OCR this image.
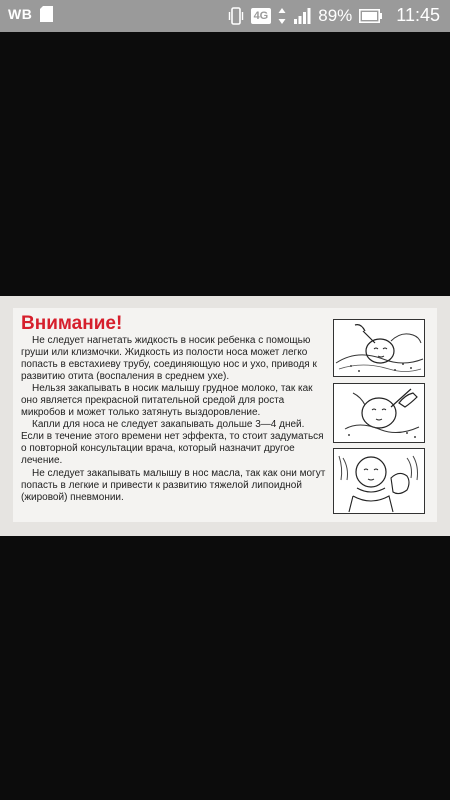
WB	4G	89% 11:45
Внимание!

Не следует нагнетать жидкость в носик ребенка с помощью груши или клизмочки. Жидкость из полости носа может легко попасть в евстахиеву трубу, соединяющую нос и ухо, приводя к развитию отита (воспаления в среднем ухе).

Нельзя закапывать в носик малышу грудное молоко, так как оно является прекрасной питательной средой для роста микробов и может только затянуть выздоровление.

Капли для носа не следует закапывать дольше 3—4 дней. Если в течение этого времени нет эффекта, то стоит задуматься о повторной консультации врача, который назначит другое лечение.

Не следует закапывать малышу в нос масла, так как они могут попасть в легкие и привести к развитию тяжелой липоидной (жировой) пневмонии.
